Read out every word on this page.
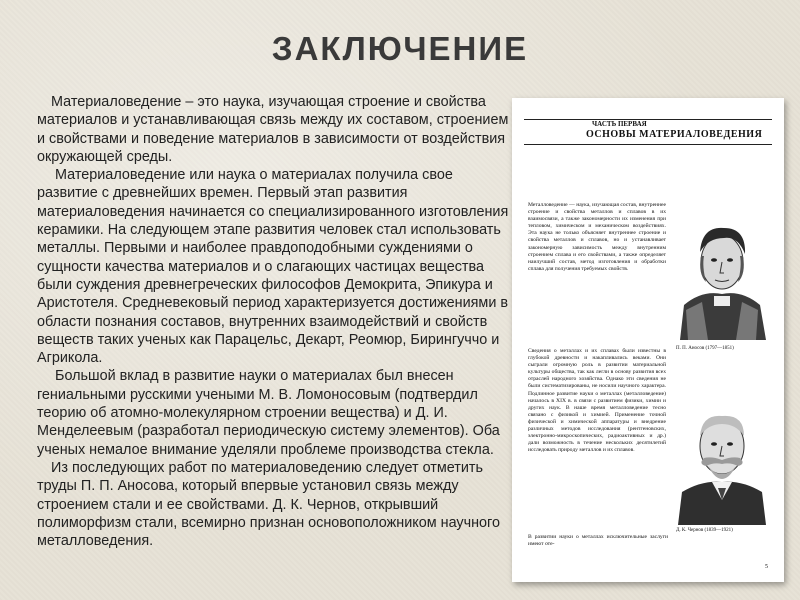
ЗАКЛЮЧЕНИЕ

Материаловедение – это наука, изучающая строение и свойства материалов и устанавливающая связь между их составом, строением и свойствами и поведение материалов в зависимости от воздействия окружающей среды.

Материаловедение или наука о материалах получила свое развитие с древнейших времен. Первый этап развития материаловедения начинается со специализированного изготовления керамики. На следующем этапе развития человек стал использовать металлы. Первыми и наиболее правдоподобными суждениями о сущности качества материалов и о слагающих частицах вещества были суждения древнегреческих философов Демокрита, Эпикура и Аристотеля. Средневековый период характеризуется достижениями в области познания составов, внутренних взаимодействий и свойств веществ таких ученых как Парацельс, Декарт, Реомюр, Бирингуччо и Агрикола.

Большой вклад в развитие науки о материалах был внесен гениальными русскими учеными М. В. Ломоносовым (подтвердил теорию об атомно-молекулярном строении вещества) и Д. И. Менделеевым (разработал периодическую систему элементов). Оба ученых немалое внимание уделяли проблеме производства стекла.

Из последующих работ по материаловедению следует отметить труды П. П. Аносова, который впервые установил связь между строением стали и ее свойствами. Д. К. Чернов, открывший полиморфизм стали, всемирно признан основоположником научного металловедения.

ЧАСТЬ ПЕРВАЯ
ОСНОВЫ МАТЕРИАЛОВЕДЕНИЯ
Металловедение — наука, изучающая состав, внутреннее строение и свойства металлов и сплавов в их взаимосвязи, а также закономерности их изменения при тепловом, химическом и механическом воздействиях. Эта наука не только объясняет внутреннее строение и свойства металлов и сплавов, но и устанавливает закономерную зависимость между внутренним строением сплава и его свойствами, а также определяет наилучший состав, метод изготовления и обработки сплава для получения требуемых свойств.
Сведения о металлах и их сплавах были известны в глубокой древности и накапливались веками. Они сыграли огромную роль в развитии материальной культуры общества, так как легли в основу развития всех отраслей народного хозяйства. Однако эти сведения не были систематизированы, не носили научного характера. Подлинное развитие науки о металлах (металловедение) началось в XIX в. в связи с развитием физики, химии и других наук. В наше время металловедение тесно связано с физикой и химией. Применение точной физической и химической аппаратуры и внедрение различных методов исследования (рентгеновских, электронно-микроскопических, радиоактивных и др.) дали возможность в течение нескольких десятилетий исследовать природу металлов и их сплавов.
В развитии науки о металлах исключительные заслуги имеют оте-
П. П. Аносов (1797—1851)
Д. К. Чернов (1839—1921)
5
